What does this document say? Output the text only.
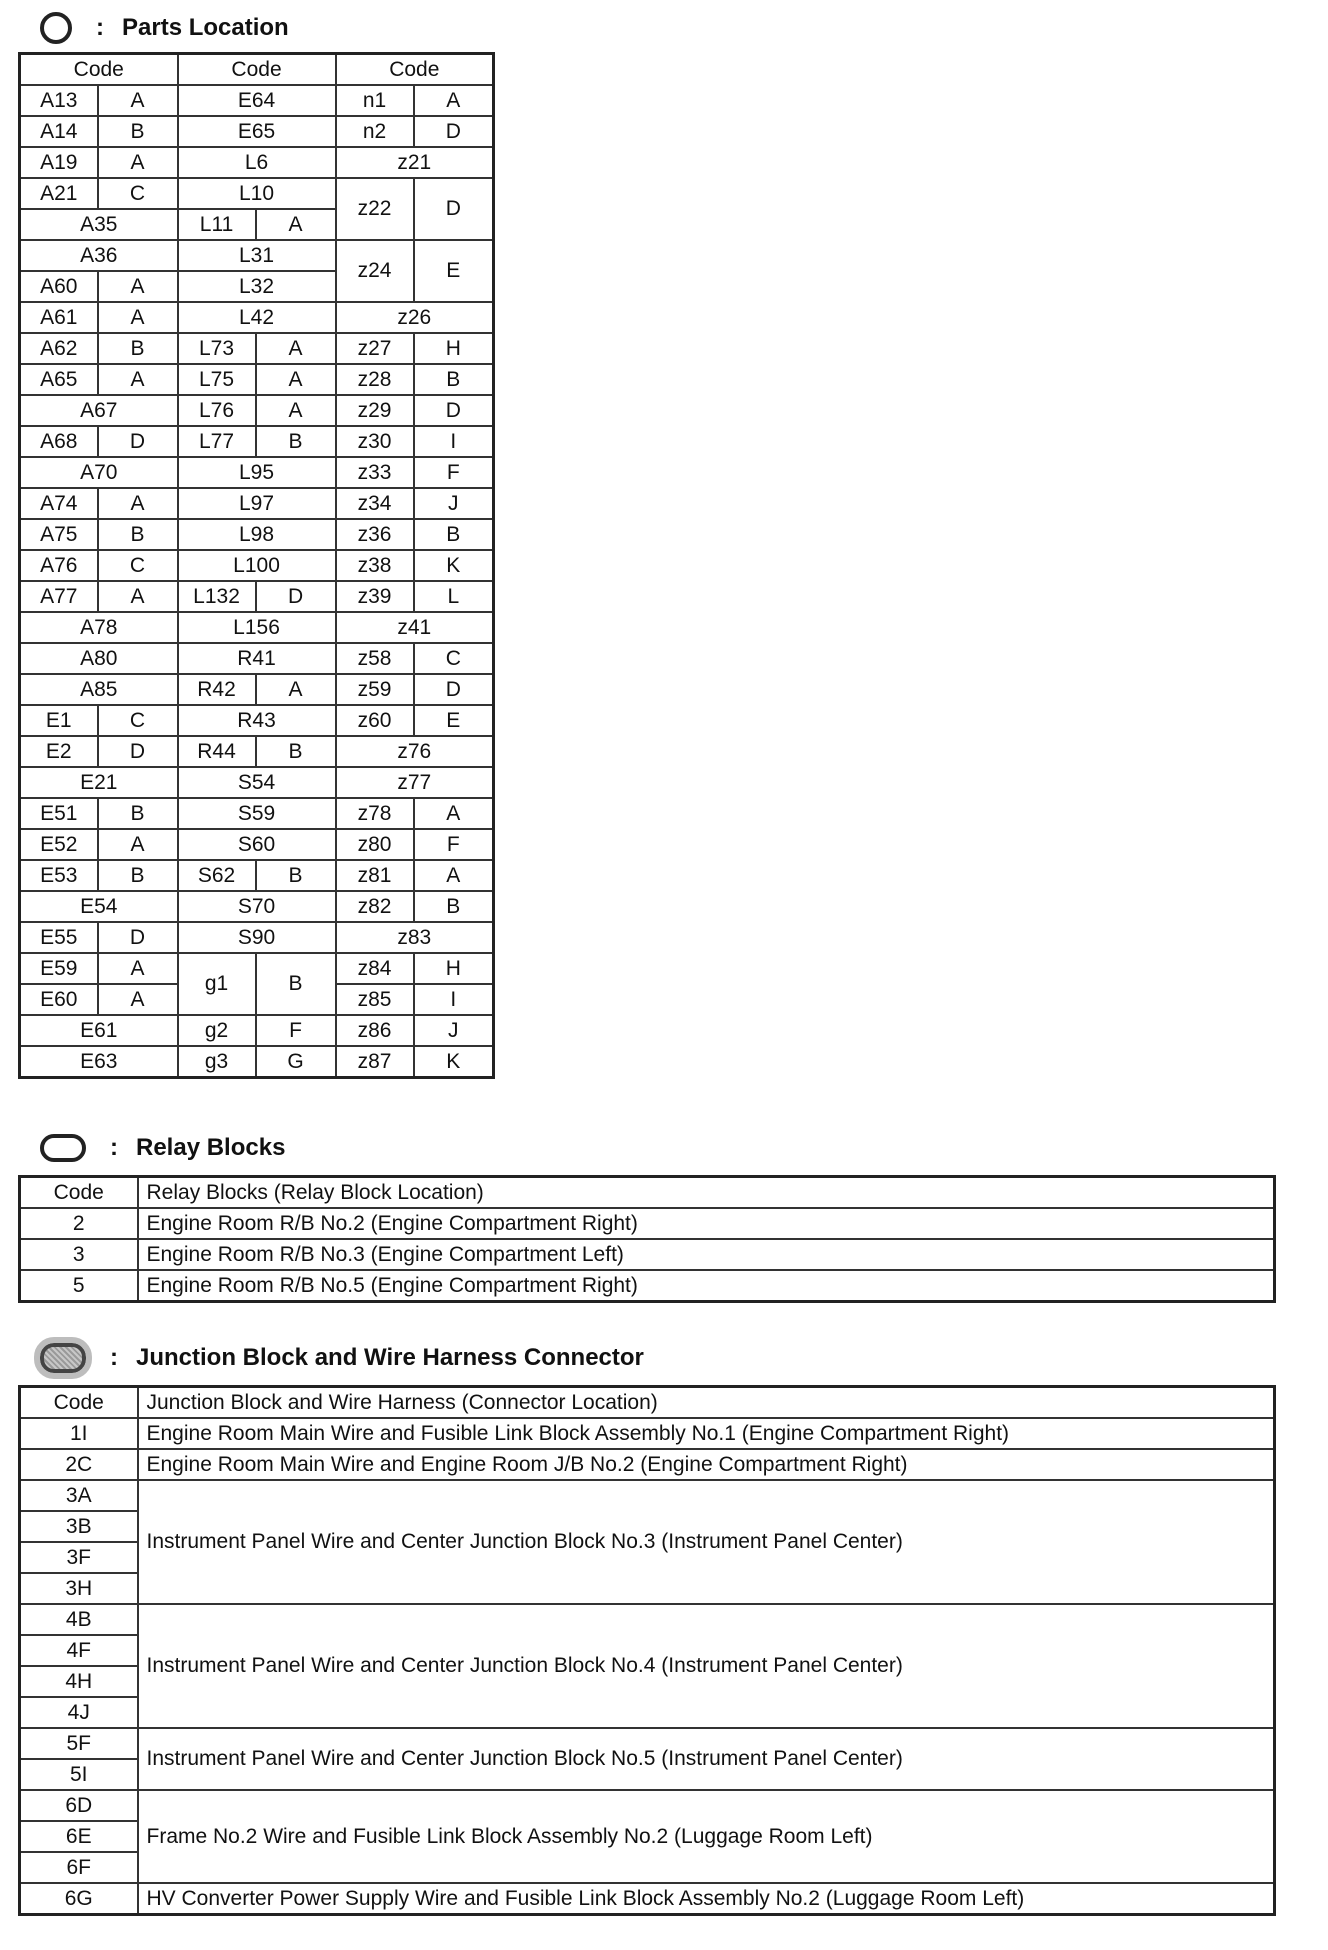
: Parts Location
Code		Code		Code	
A13	A	E64		n1	A
A14	B	E65		n2	D
A19	A	L6		z21	
A21	C	L10		z22	D
A35		L11	A		
A36		L31		z24	E
A60	A	L32			
A61	A	L42		z26	
A62	B	L73	A	z27	H
A65	A	L75	A	z28	B
A67		L76	A	z29	D
A68	D	L77	B	z30	I
A70		L95		z33	F
A74	A	L97		z34	J
A75	B	L98		z36	B
A76	C	L100		z38	K
A77	A	L132	D	z39	L
A78		L156		z41	
A80		R41		z58	C
A85		R42	A	z59	D
E1	C	R43		z60	E
E2	D	R44	B	z76	
E21		S54		z77	
E51	B	S59		z78	A
E52	A	S60		z80	F
E53	B	S62	B	z81	A
E54		S70		z82	B
E55	D	S90		z83	
E59	A	g1	B	z84	H
E60	A			z85	I
E61		g2	F	z86	J
E63		g3	G	z87	K
: Relay Blocks
Code	Relay Blocks (Relay Block Location)
2	Engine Room R/B No.2 (Engine Compartment Right)
3	Engine Room R/B No.3 (Engine Compartment Left)
5	Engine Room R/B No.5 (Engine Compartment Right)
: Junction Block and Wire Harness Connector
Code	Junction Block and Wire Harness (Connector Location)
1I	Engine Room Main Wire and Fusible Link Block Assembly No.1 (Engine Compartment Right)
2C	Engine Room Main Wire and Engine Room J/B No.2 (Engine Compartment Right)
3A	Instrument Panel Wire and Center Junction Block No.3 (Instrument Panel Center)
3B	
3F	
3H	
4B	Instrument Panel Wire and Center Junction Block No.4 (Instrument Panel Center)
4F	
4H	
4J	
5F	Instrument Panel Wire and Center Junction Block No.5 (Instrument Panel Center)
5I	
6D	Frame No.2 Wire and Fusible Link Block Assembly No.2 (Luggage Room Left)
6E	
6F	
6G	HV Converter Power Supply Wire and Fusible Link Block Assembly No.2 (Luggage Room Left)
